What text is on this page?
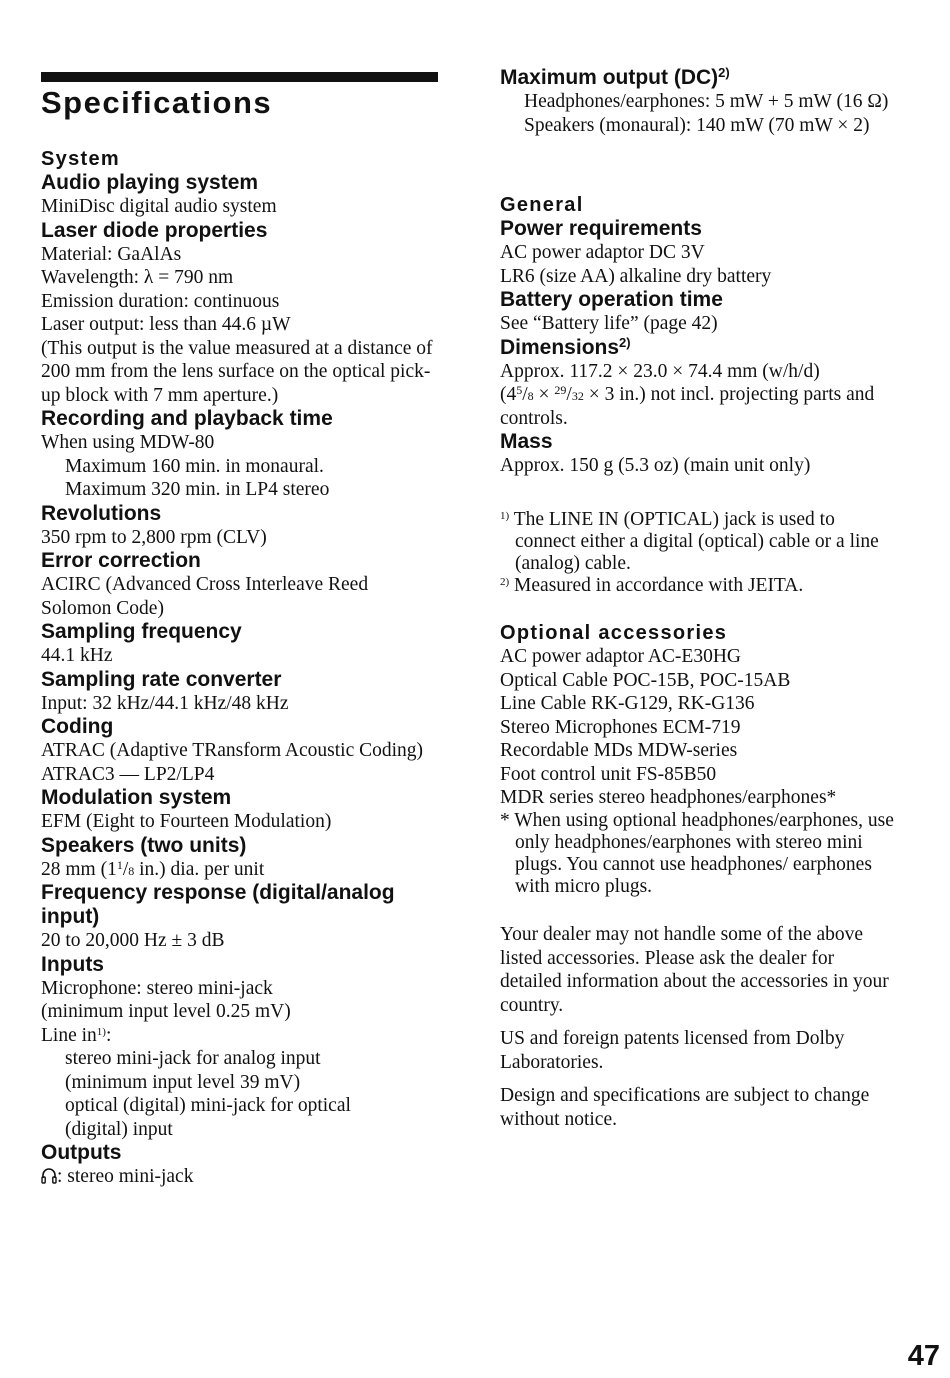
Specifications

System

Audio playing system

MiniDisc digital audio system

Laser diode properties

Material: GaAlAs

Wavelength: λ = 790 nm

Emission duration: continuous

Laser output: less than 44.6 µW

(This output is the value measured at a distance of 200 mm from the lens surface on the optical pick-up block with 7 mm aperture.)

Recording and playback time

When using MDW-80

Maximum 160 min. in monaural.

Maximum 320 min. in LP4 stereo

Revolutions

350 rpm to 2,800 rpm (CLV)

Error correction

ACIRC (Advanced Cross Interleave Reed Solomon Code)

Sampling frequency

44.1 kHz

Sampling rate converter

Input: 32 kHz/44.1 kHz/48 kHz

Coding

ATRAC (Adaptive TRansform Acoustic Coding)

ATRAC3 — LP2/LP4

Modulation system

EFM (Eight to Fourteen Modulation)

Speakers (two units)

28 mm ($1^1/8$ in.) dia. per unit

Frequency response (digital/analog input)

20 to 20,000 Hz ± 3 dB

Inputs

Microphone: stereo mini-jack

(minimum input level 0.25 mV)

Line $in^{1)}$:

stereo mini-jack for analog input

(minimum input level 39 mV)

optical (digital) mini-jack for optical

(digital) input

Outputs

: stereo mini-jack

Maximum output (DC)$^{2)}$

Headphones/earphones: 5 mW + 5 mW (16 Ω)

Speakers (monaural): 140 mW (70 mW × 2)

General

Power requirements

AC power adaptor DC 3V

LR6 (size AA) alkaline dry battery

Battery operation time

See “Battery life” (page 42)

Dimensions$^{2)}$

Approx. 117.2 × 23.0 × 74.4 mm (w/h/d)

($4^5/8 \times ^{29}/32 \times 3$ in.) not incl. projecting parts and controls.

Mass

Approx. 150 g (5.3 oz) (main unit only)

$^{1)}$ The LINE IN (OPTICAL) jack is used to connect either a digital (optical) cable or a line (analog) cable.

$^{2)}$ Measured in accordance with JEITA.

Optional accessories

AC power adaptor AC-E30HG

Optical Cable POC-15B, POC-15AB

Line Cable RK-G129, RK-G136

Stereo Microphones ECM-719

Recordable MDs MDW-series

Foot control unit FS-85B50

MDR series stereo headphones/earphones*

* When using optional headphones/earphones, use only headphones/earphones with stereo mini plugs. You cannot use headphones/ earphones with micro plugs.

Your dealer may not handle some of the above listed accessories. Please ask the dealer for detailed information about the accessories in your country.

US and foreign patents licensed from Dolby Laboratories.

Design and specifications are subject to change without notice.

47
